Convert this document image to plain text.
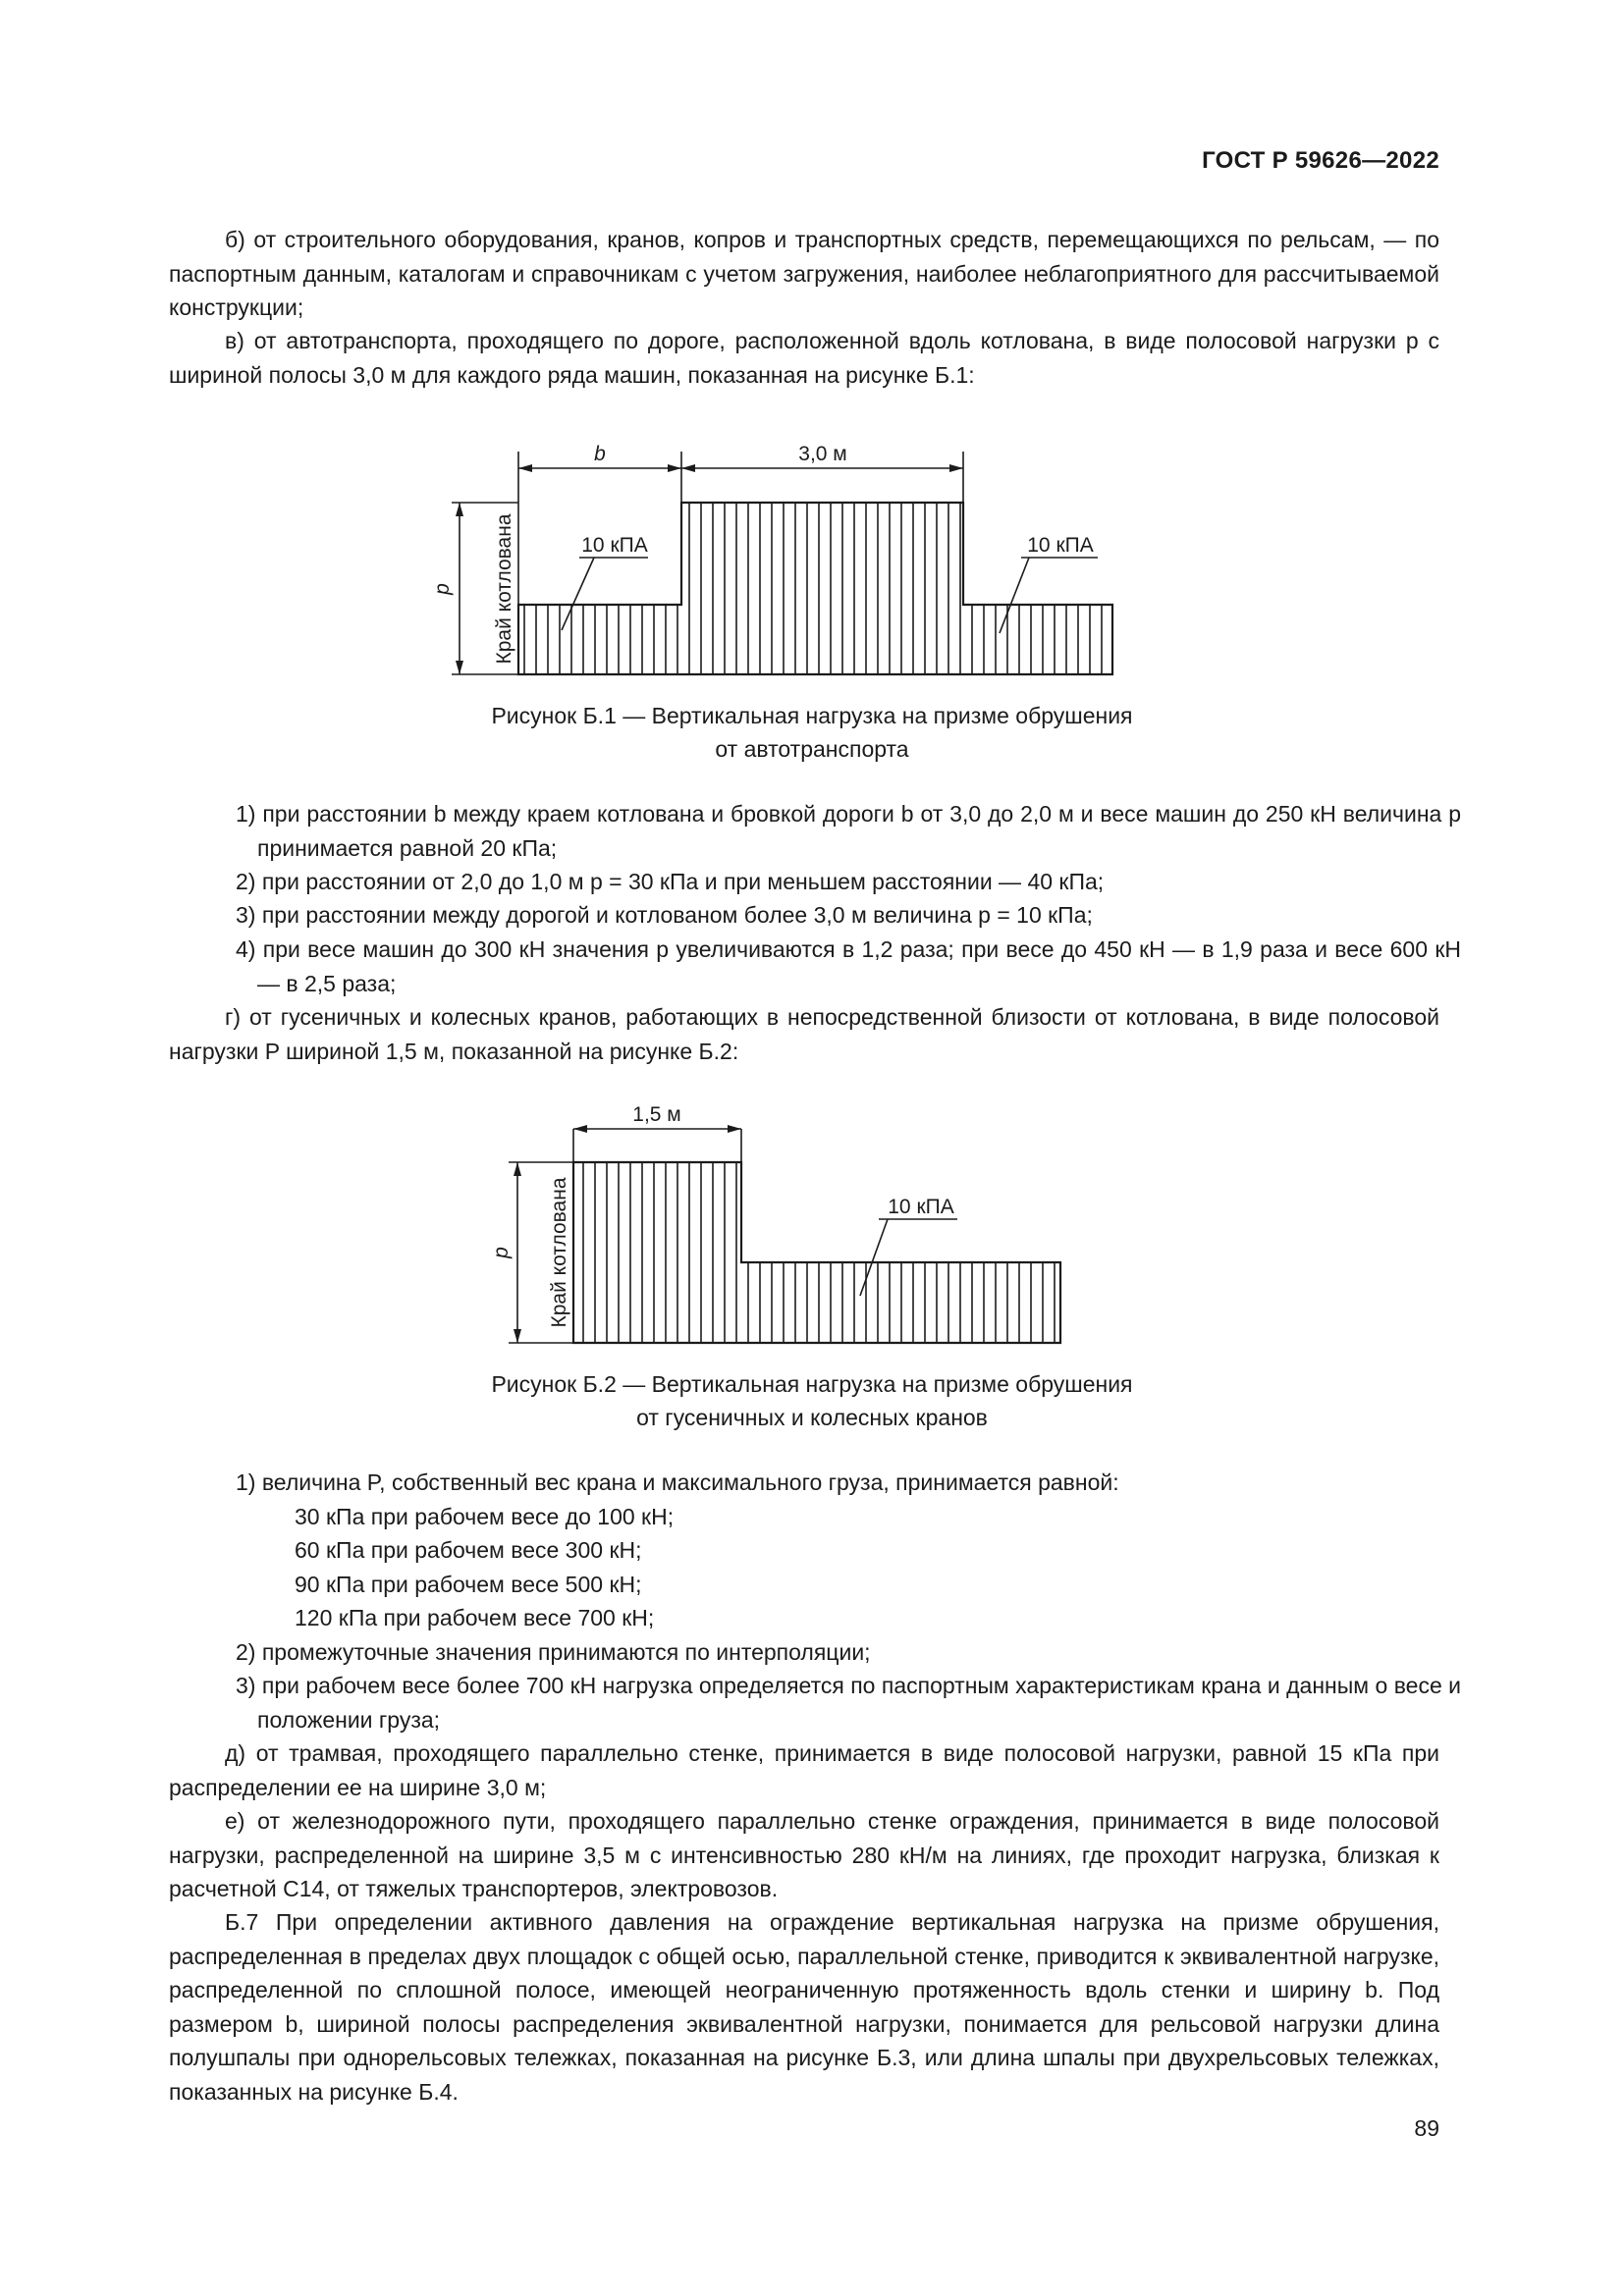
ГОСТ Р 59626—2022

б) от строительного оборудования, кранов, копров и транспортных средств, перемещающихся по рельсам, — по паспортным данным, каталогам и справочникам с учетом загружения, наиболее неблагоприятного для рассчитываемой конструкции;

в) от автотранспорта, проходящего по дороге, расположенной вдоль котлована, в виде полосовой нагрузки p с шириной полосы 3,0 м для каждого ряда машин, показанная на рисунке Б.1:

b	3,0 м
p Край котлована	10 кПА	10 кПА

Рисунок Б.1 — Вертикальная нагрузка на призме обрушения

от автотранспорта

1) при расстоянии b между краем котлована и бровкой дороги b от 3,0 до 2,0 м и весе машин до 250 кН величина p принимается равной 20 кПа;

2) при расстоянии от 2,0 до 1,0 м p = 30 кПа и при меньшем расстоянии — 40 кПа;

3) при расстоянии между дорогой и котлованом более 3,0 м величина p = 10 кПа;

4) при весе машин до 300 кН значения p увеличиваются в 1,2 раза; при весе до 450 кН — в 1,9 раза и весе 600 кН — в 2,5 раза;

г) от гусеничных и колесных кранов, работающих в непосредственной близости от котлована, в виде полосовой нагрузки P шириной 1,5 м, показанной на рисунке Б.2:

1,5 м
p Край котлована	10 кПА

Рисунок Б.2 — Вертикальная нагрузка на призме обрушения

от гусеничных и колесных кранов

1) величина P, собственный вес крана и максимального груза, принимается равной:

30 кПа при рабочем весе до 100 кН;

60 кПа при рабочем весе 300 кН;

90 кПа при рабочем весе 500 кН;

120 кПа при рабочем весе 700 кН;

2) промежуточные значения принимаются по интерполяции;

3) при рабочем весе более 700 кН нагрузка определяется по паспортным характеристикам крана и данным о весе и положении груза;

д) от трамвая, проходящего параллельно стенке, принимается в виде полосовой нагрузки, равной 15 кПа при распределении ее на ширине 3,0 м;

е) от железнодорожного пути, проходящего параллельно стенке ограждения, принимается в виде полосовой нагрузки, распределенной на ширине 3,5 м с интенсивностью 280 кН/м на линиях, где проходит нагрузка, близкая к расчетной С14, от тяжелых транспортеров, электровозов.

Б.7 При определении активного давления на ограждение вертикальная нагрузка на призме обрушения, распределенная в пределах двух площадок с общей осью, параллельной стенке, приводится к эквивалентной нагрузке, распределенной по сплошной полосе, имеющей неограниченную протяженность вдоль стенки и ширину b. Под размером b, шириной полосы распределения эквивалентной нагрузки, понимается для рельсовой нагрузки длина полушпалы при однорельсовых тележках, показанная на рисунке Б.3, или длина шпалы при двухрельсовых тележках, показанных на рисунке Б.4.

89
